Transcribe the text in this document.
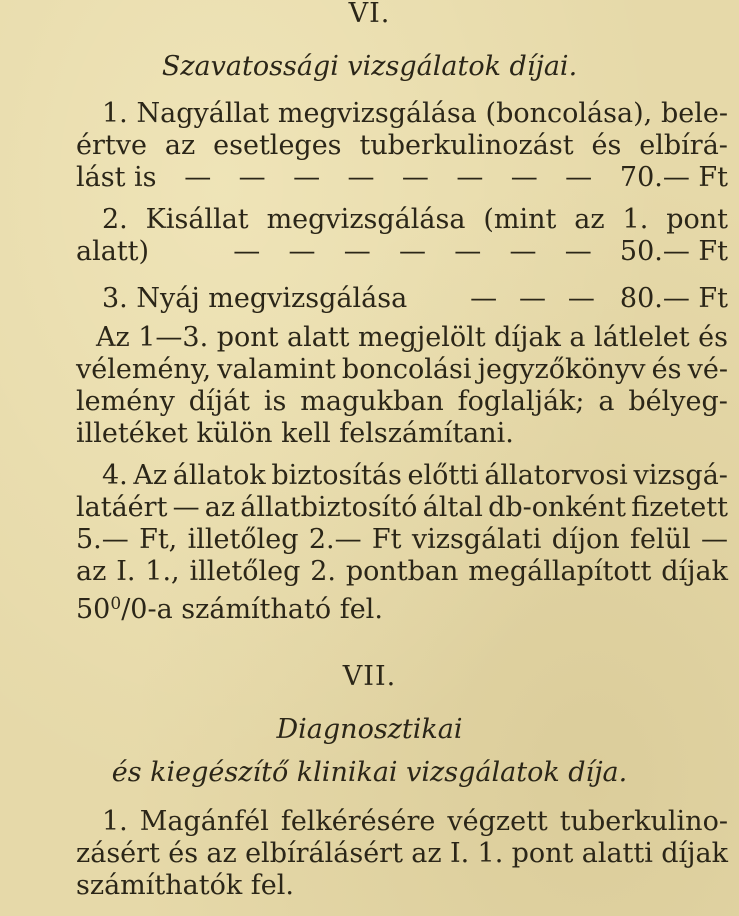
VI.
Szavatossági vizsgálatok díjai.
1. Nagyállat megvizsgálása (boncolása), bele-
értve az esetleges tuberkulinozást és elbírá-
lást is — — — — — — — — 70.— Ft
2. Kisállat megvizsgálása (mint az 1. pont
alatt)	— — — — — — — 50.— Ft
3. Nyáj megvizsgálása — — — 80.— Ft
Az 1—3. pont alatt megjelölt díjak a látlelet és
vélemény, valamint boncolási jegyzőkönyv és vé-
lemény díját is magukban foglalják; a bélyeg-
illetéket külön kell felszámítani.
4. Az állatok biztosítás előtti állatorvosi vizsgá-
latáért — az állatbiztosító által db-onként fizetett
5.— Ft, illetőleg 2.— Ft vizsgálati díjon felül —
az I. 1., illetőleg 2. pontban megállapított díjak
$50^0/0-a$ számítható fel.
VII.
Diagnosztikai
és kiegészítő klinikai vizsgálatok díja.
1. Magánfél felkérésére végzett tuberkulino-
zásért és az elbírálásért az I. 1. pont alatti díjak
számíthatók fel.
